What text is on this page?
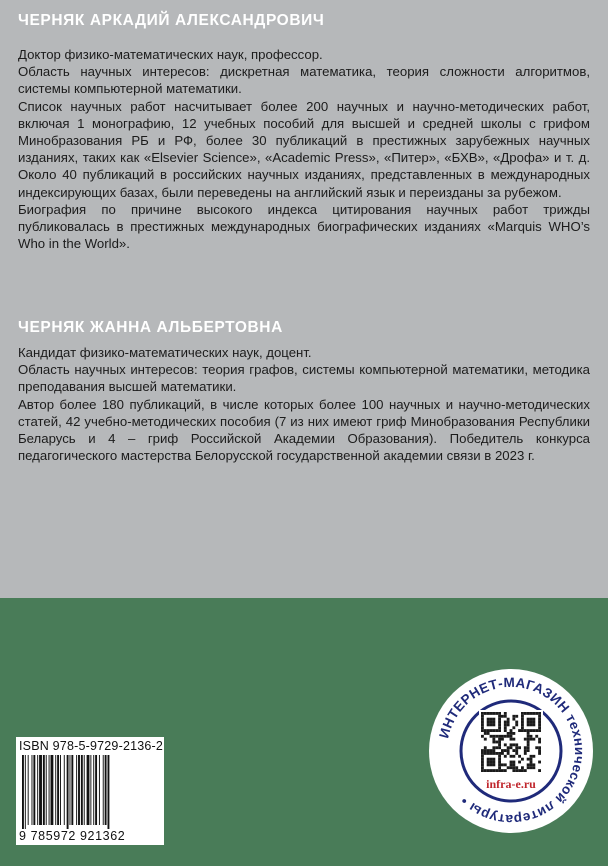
ЧЕРНЯК АРКАДИЙ АЛЕКСАНДРОВИЧ

Доктор физико-математических наук, профессор.

Область научных интересов: дискретная математика, теория сложности алгоритмов, системы компьютерной математики.

Список научных работ насчитывает более 200 научных и научно-методических работ, включая 1 монографию, 12 учебных пособий для высшей и средней школы с грифом Минобразования РБ и РФ, более 30 публикаций в престижных зарубежных научных изданиях, таких как «Elsevier Science», «Academic Press», «Питер», «БХВ», «Дрофа» и т. д. Около 40 публикаций в российских научных изданиях, представленных в международных индексирующих базах, были переведены на английский язык и переизданы за рубежом.

Биография по причине высокого индекса цитирования научных работ трижды публиковалась в престижных международных биографических изданиях «Marquis WHO’s Who in the World».

ЧЕРНЯК ЖАННА АЛЬБЕРТОВНА

Кандидат физико-математических наук, доцент.

Область научных интересов: теория графов, системы компьютерной математики, методика преподавания высшей математики.

Автор более 180 публикаций, в числе которых более 100 научных и научно-методических статей, 42 учебно-методических пособия (7 из них имеют гриф Минобразования Республики Беларусь и 4 – гриф Российской Академии Образования). Победитель конкурса педагогического мастерства Белорусской государственной академии связи в 2023 г.

ISBN 978-5-9729-2136-2
9 785972 921362
ИНТЕРНЕТ-МАГАЗИН технической литературы •
infra-e.ru
